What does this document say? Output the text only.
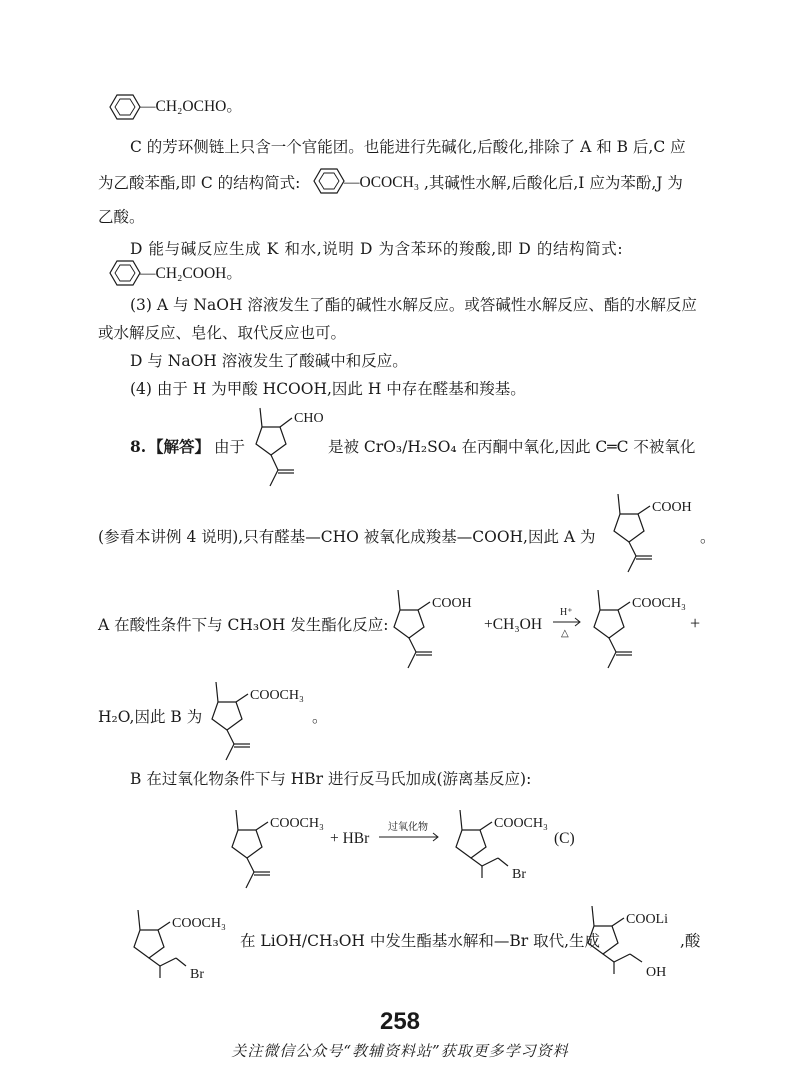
—CH₂OCHO。
C 的芳环侧链上只含一个官能团。也能进行先碱化,后酸化,排除了 A 和 B 后,C 应
为乙酸苯酯,即 C 的结构简式:	—OCOCH₃ ,其碱性水解,后酸化后,I 应为苯酚,J 为
乙酸。
D 能与碱反应生成 K 和水,说明 D 为含苯环的羧酸,即 D 的结构简式:
—CH₂COOH。
(3) A 与 NaOH 溶液发生了酯的碱性水解反应。或答碱性水解反应、酯的水解反应
或水解反应、皂化、取代反应也可。
D 与 NaOH 溶液发生了酸碱中和反应。
(4) 由于 H 为甲酸 HCOOH,因此 H 中存在醛基和羧基。
8. 【解答】 由于
CHO
是被 CrO₃/H₂SO₄ 在丙酮中氧化,因此 C═C 不被氧化
(参看本讲例 4 说明),只有醛基—CHO 被氧化成羧基—COOH,因此 A 为
COOH
。
A 在酸性条件下与 CH₃OH 发生酯化反应:
COOH
+CH₃OH
H⁺
△
COOCH₃
+
H₂O,因此 B 为
COOCH₃
。
B 在过氧化物条件下与 HBr 进行反马氏加成(游离基反应):
COOCH₃
+ HBr
过氧化物	COOCH₃
Br
(C)
COOCH₃
Br
在 LiOH/CH₃OH 中发生酯基水解和—Br 取代,生成
COOLi
OH
,酸
258
关注微信公众号“教辅资料站”获取更多学习资料
